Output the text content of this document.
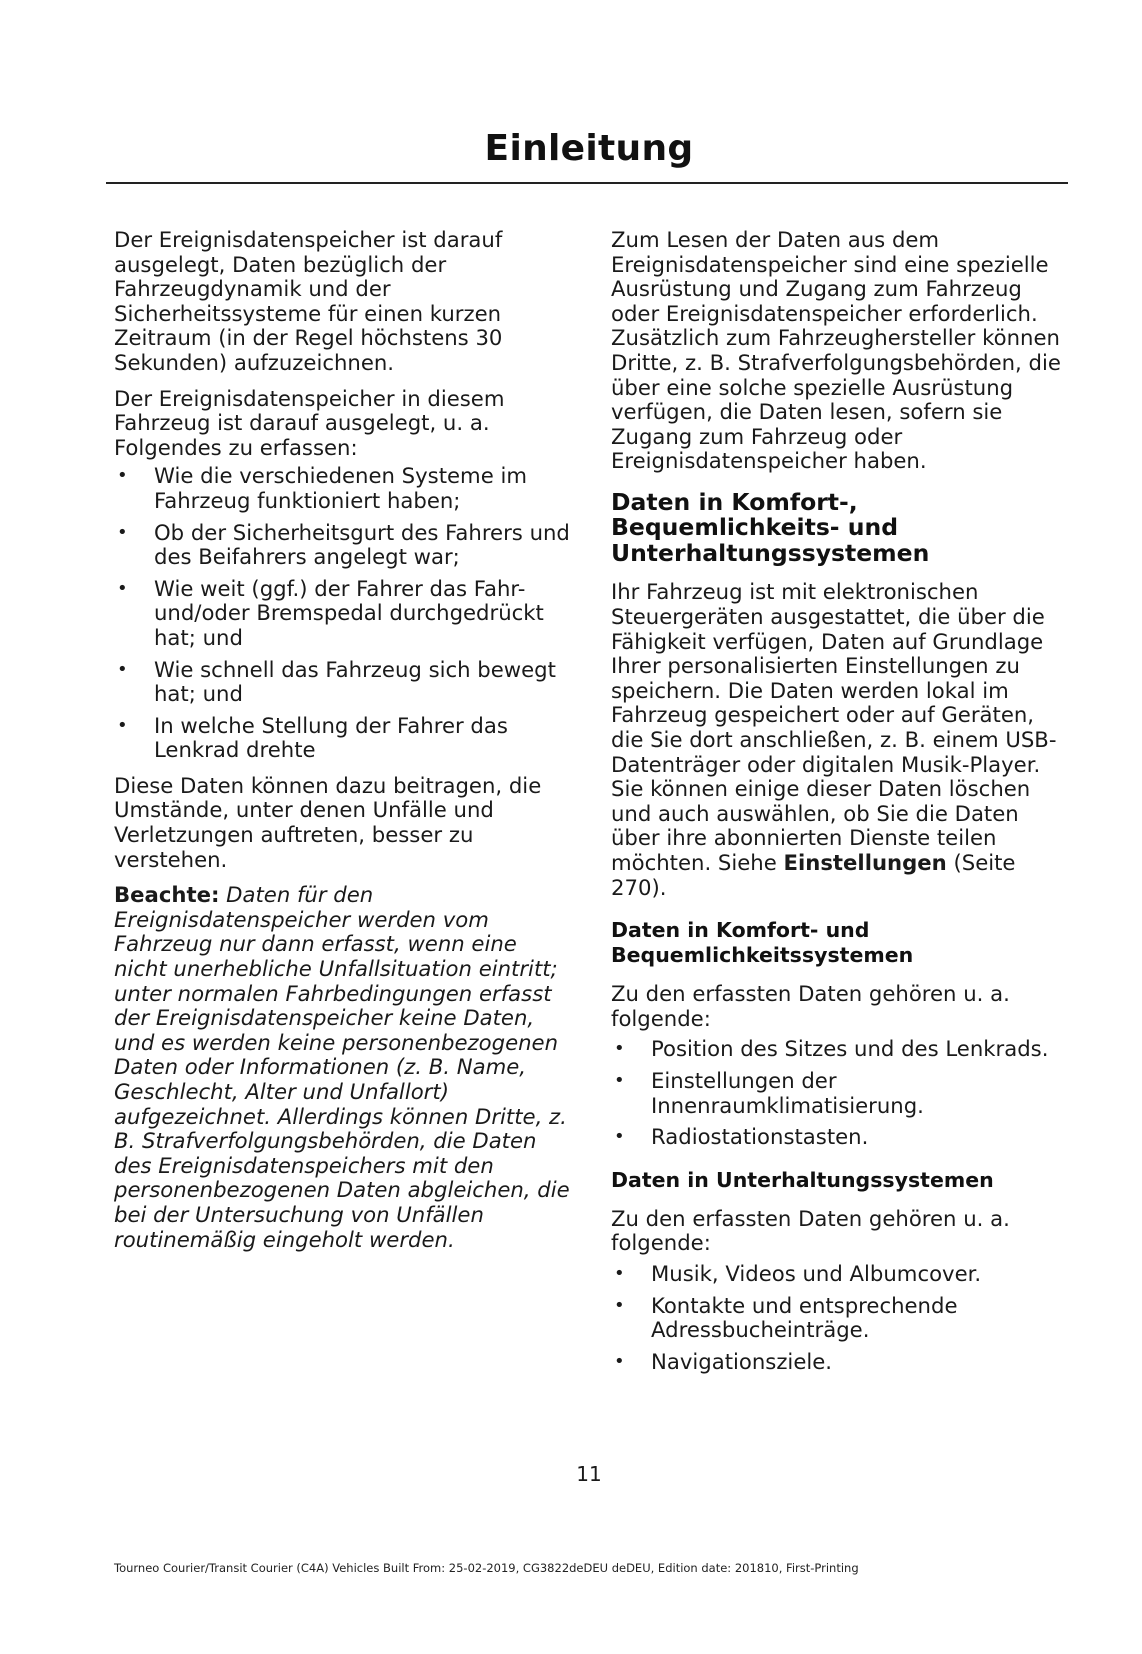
Einleitung

Der Ereignisdatenspeicher ist darauf ausgelegt, Daten bezüglich der Fahrzeugdynamik und der Sicherheitssysteme für einen kurzen Zeitraum (in der Regel höchstens 30 Sekunden) aufzuzeichnen.

Der Ereignisdatenspeicher in diesem Fahrzeug ist darauf ausgelegt, u. a. Folgendes zu erfassen:

• Wie die verschiedenen Systeme im Fahrzeug funktioniert haben;
• Ob der Sicherheitsgurt des Fahrers und des Beifahrers angelegt war;
• Wie weit (ggf.) der Fahrer das Fahr- und/oder Bremspedal durchgedrückt hat; und
• Wie schnell das Fahrzeug sich bewegt hat; und
• In welche Stellung der Fahrer das Lenkrad drehte

Diese Daten können dazu beitragen, die Umstände, unter denen Unfälle und Verletzungen auftreten, besser zu verstehen.

Beachte: Daten für den Ereignisdatenspeicher werden vom Fahrzeug nur dann erfasst, wenn eine nicht unerhebliche Unfallsituation eintritt; unter normalen Fahrbedingungen erfasst der Ereignisdatenspeicher keine Daten, und es werden keine personenbezogenen Daten oder Informationen (z. B. Name, Geschlecht, Alter und Unfallort) aufgezeichnet. Allerdings können Dritte, z. B. Strafverfolgungsbehörden, die Daten des Ereignisdatenspeichers mit den personenbezogenen Daten abgleichen, die bei der Untersuchung von Unfällen routinemäßig eingeholt werden.

Zum Lesen der Daten aus dem Ereignisdatenspeicher sind eine spezielle Ausrüstung und Zugang zum Fahrzeug oder Ereignisdatenspeicher erforderlich. Zusätzlich zum Fahrzeughersteller können Dritte, z. B. Strafverfolgungsbehörden, die über eine solche spezielle Ausrüstung verfügen, die Daten lesen, sofern sie Zugang zum Fahrzeug oder Ereignisdatenspeicher haben.

Daten in Komfort-, Bequemlichkeits- und Unterhaltungssystemen

Ihr Fahrzeug ist mit elektronischen Steuergeräten ausgestattet, die über die Fähigkeit verfügen, Daten auf Grundlage Ihrer personalisierten Einstellungen zu speichern. Die Daten werden lokal im Fahrzeug gespeichert oder auf Geräten, die Sie dort anschließen, z. B. einem USB-Datenträger oder digitalen Musik-Player. Sie können einige dieser Daten löschen und auch auswählen, ob Sie die Daten über ihre abonnierten Dienste teilen möchten. Siehe Einstellungen (Seite 270).

Daten in Komfort- und Bequemlichkeitssystemen

Zu den erfassten Daten gehören u. a. folgende:

• Position des Sitzes und des Lenkrads.
• Einstellungen der Innenraumklimatisierung.
• Radiostationstasten.
Daten in Unterhaltungssystemen

Zu den erfassten Daten gehören u. a. folgende:

• Musik, Videos und Albumcover.
• Kontakte und entsprechende Adressbucheinträge.
• Navigationsziele.
11
Tourneo Courier/Transit Courier (C4A) Vehicles Built From: 25-02-2019, CG3822deDEU deDEU, Edition date: 201810, First-Printing
